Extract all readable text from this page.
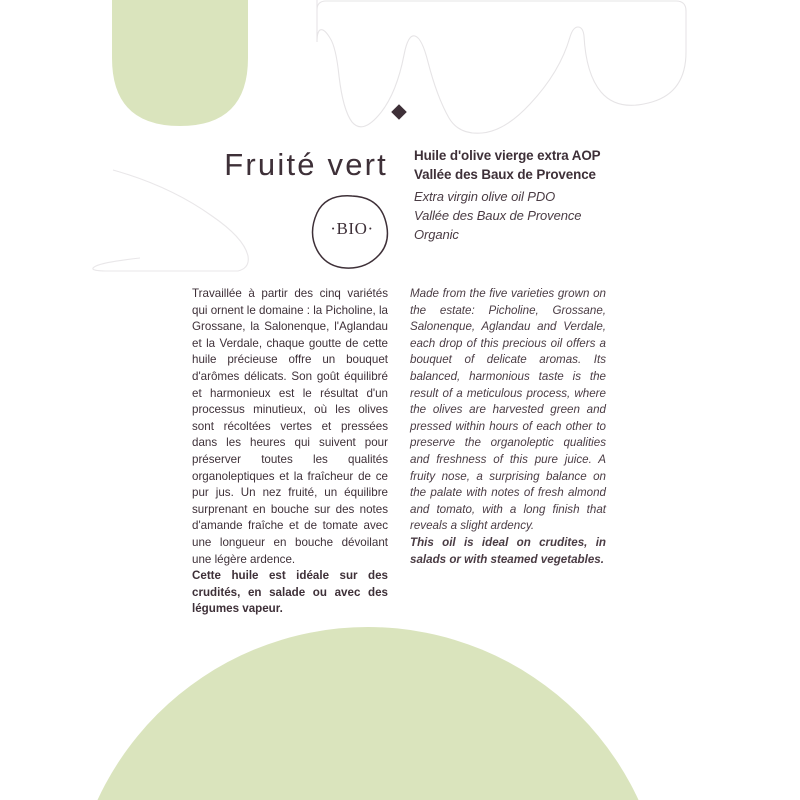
Fruité vert
·BIO·
Huile d'olive vierge extra AOP
Vallée des Baux de Provence
Extra virgin olive oil PDO
Vallée des Baux de Provence
Organic

Travaillée à partir des cinq variétés qui ornent le domaine : la Picholine, la Grossane, la Salonenque, l'Aglandau et la Verdale, chaque goutte de cette huile précieuse offre un bouquet d'arômes délicats. Son goût équilibré et harmonieux est le résultat d'un processus minutieux, où les olives sont récoltées vertes et pressées dans les heures qui suivent pour préserver toutes les qualités organoleptiques et la fraîcheur de ce pur jus. Un nez fruité, un équilibre surprenant en bouche sur des notes d'amande fraîche et de tomate avec une longueur en bouche dévoilant une légère ardence.

Cette huile est idéale sur des crudités, en salade ou avec des légumes vapeur.

Made from the five varieties grown on the estate: Picholine, Grossane, Salonenque, Aglandau and Verdale, each drop of this precious oil offers a bouquet of delicate aromas. Its balanced, harmonious taste is the result of a meticulous process, where the olives are harvested green and pressed within hours of each other to preserve the organoleptic qualities and freshness of this pure juice. A fruity nose, a surprising balance on the palate with notes of fresh almond and tomato, with a long finish that reveals a slight ardency.

This oil is ideal on crudites, in salads or with steamed vegetables.
